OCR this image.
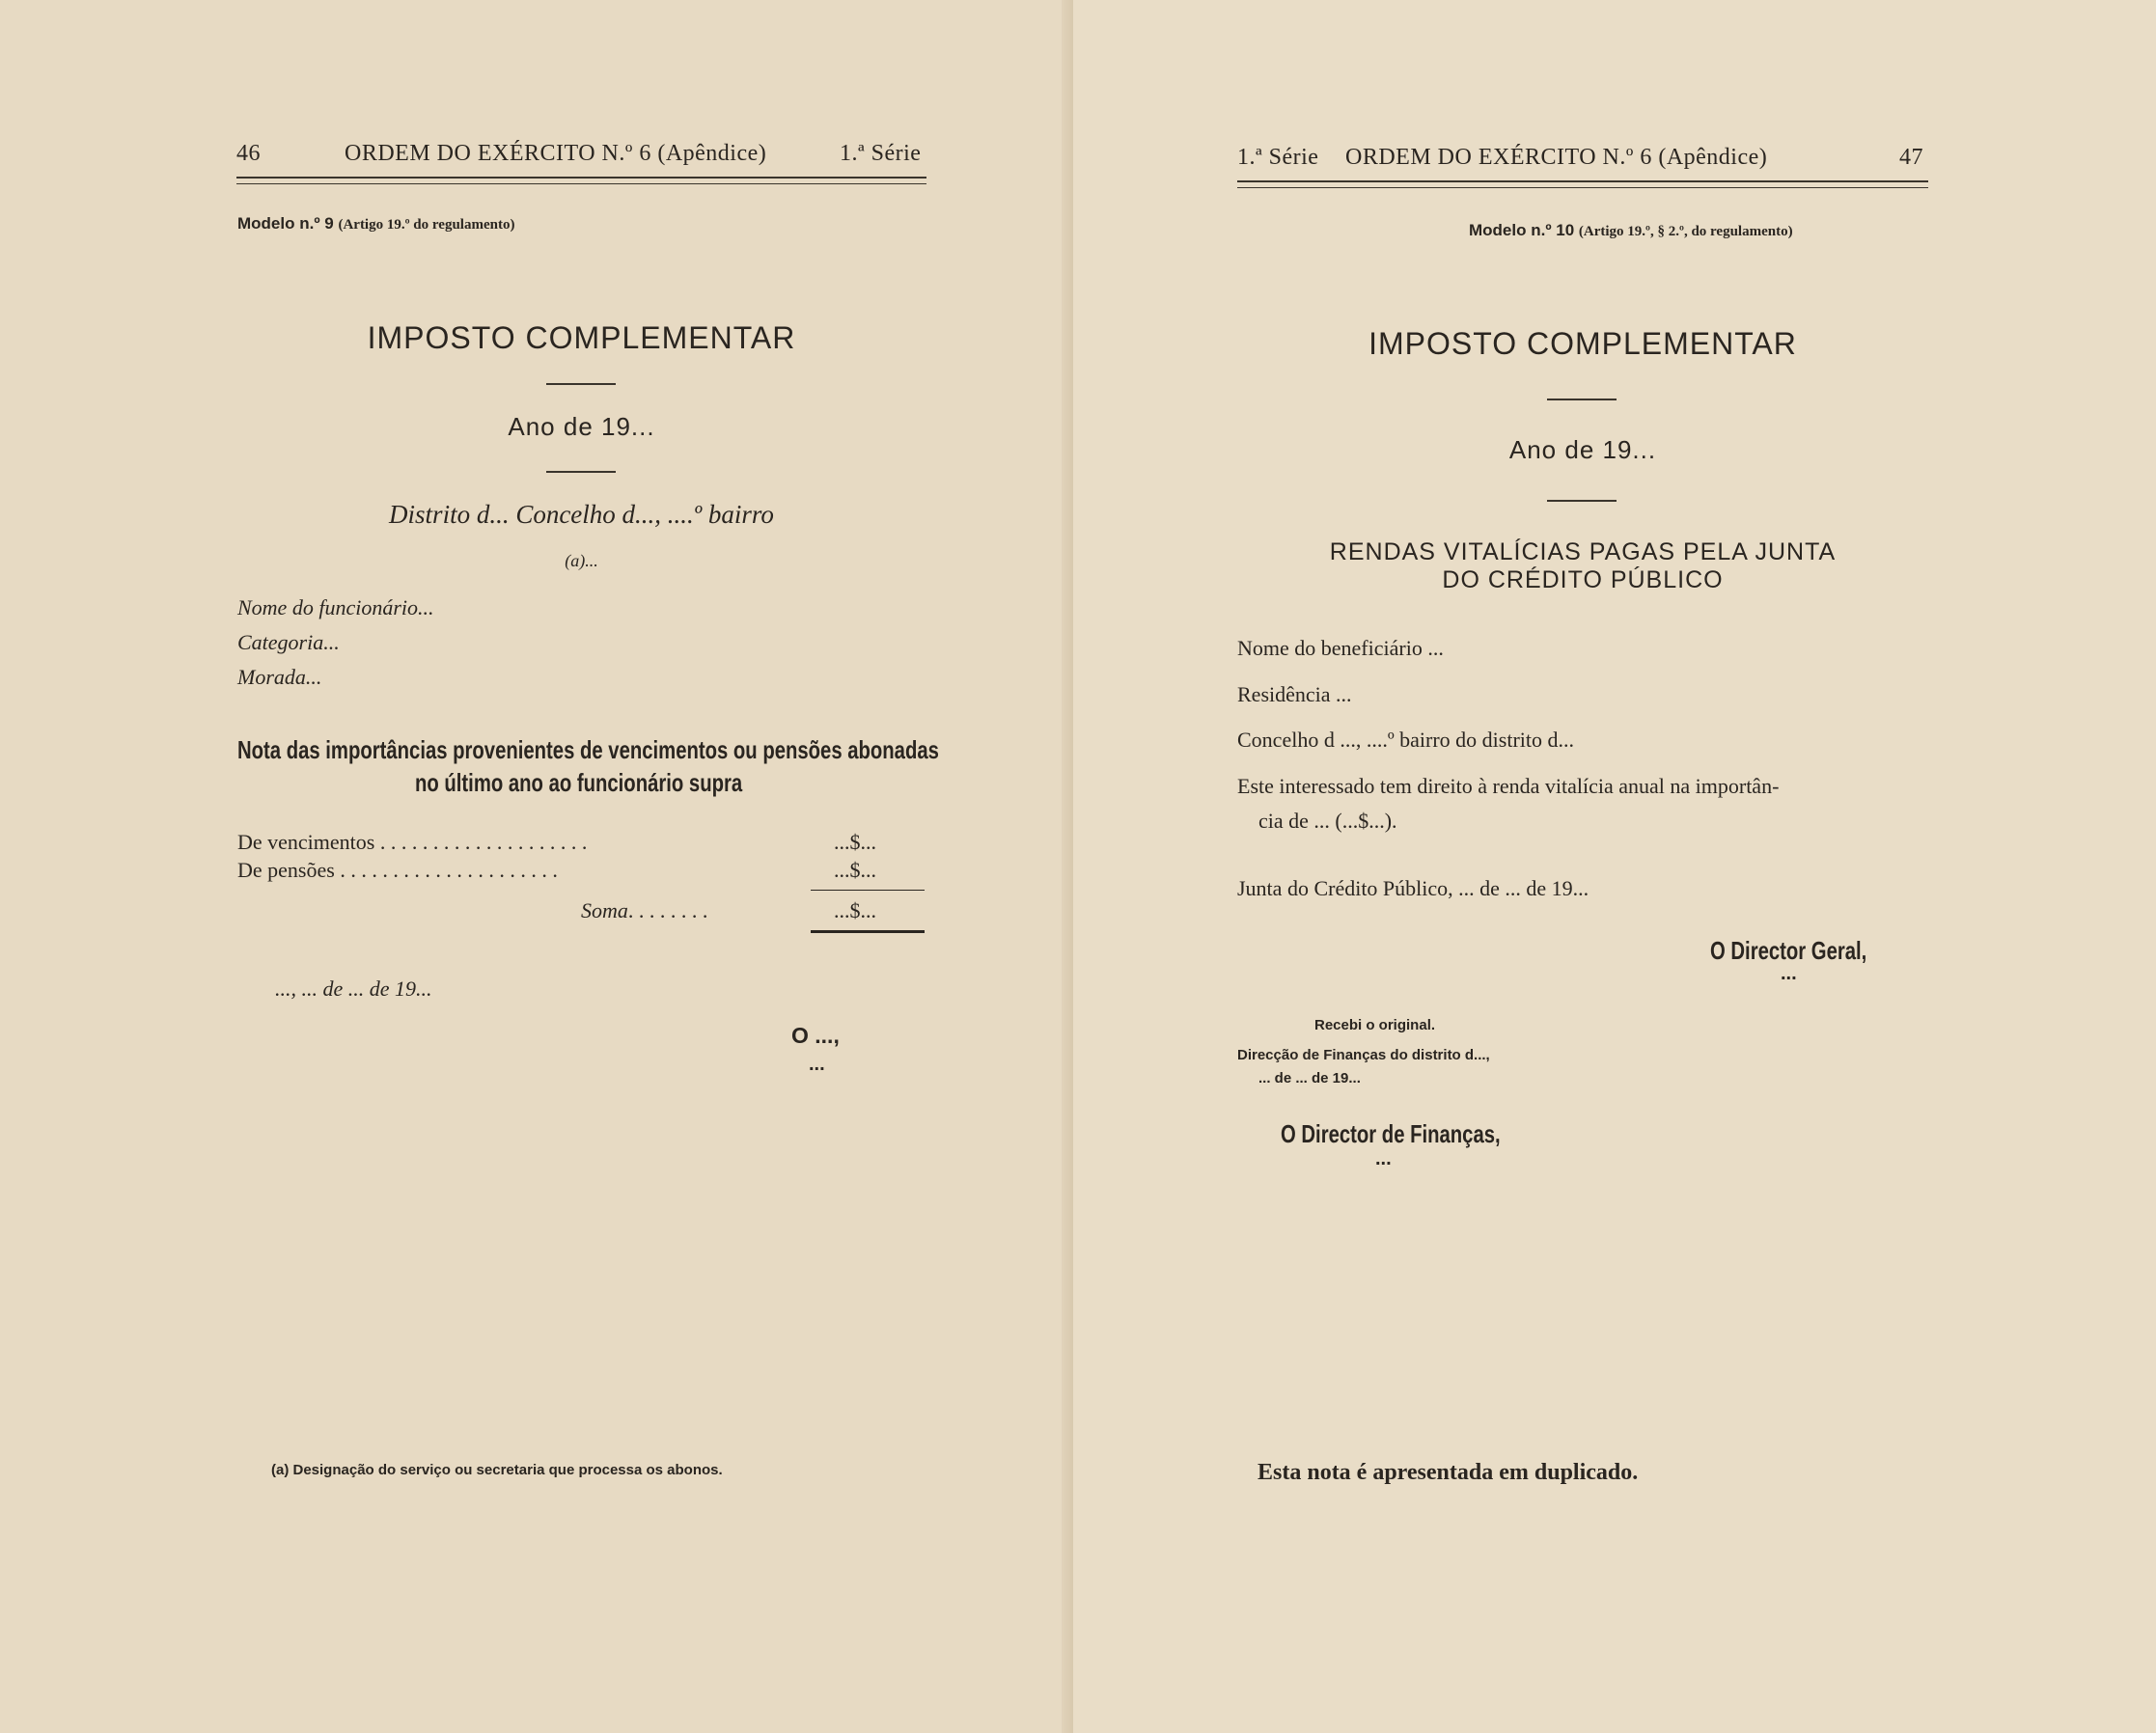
46	ORDEM DO EXÉRCITO N.º 6 (Apêndice)	1.ª Série
Modelo n.º 9 (Artigo 19.º do regulamento)
IMPOSTO COMPLEMENTAR
Ano de 19...
Distrito d... Concelho d..., ....º bairro
(a)...
Nome do funcionário...
Categoria...
Morada...
Nota das importâncias provenientes de vencimentos ou pensões abonadas
no último ano ao funcionário supra
De vencimentos . . . . . . . . . . . . . . . . . . . .	...$...
De pensões . . . . . . . . . . . . . . . . . . . . .	...$...
Soma. . . . . . . .	...$...
..., ... de ... de 19...
O ...,
...
(a) Designação do serviço ou secretaria que processa os abonos.
1.ª Série ORDEM DO EXÉRCITO N.º 6 (Apêndice)	47
Modelo n.º 10 (Artigo 19.º, § 2.º, do regulamento)
IMPOSTO COMPLEMENTAR
Ano de 19...
RENDAS VITALÍCIAS PAGAS PELA JUNTA
DO CRÉDITO PÚBLICO
Nome do beneficiário ...
Residência ...
Concelho d ..., ....º bairro do distrito d...
Este interessado tem direito à renda vitalícia anual na importân-
cia de ... (...$...).
Junta do Crédito Público, ... de ... de 19...
O Director Geral,
...
Recebi o original.
Direcção de Finanças do distrito d...,
... de ... de 19...
O Director de Finanças,
...
Esta nota é apresentada em duplicado.
